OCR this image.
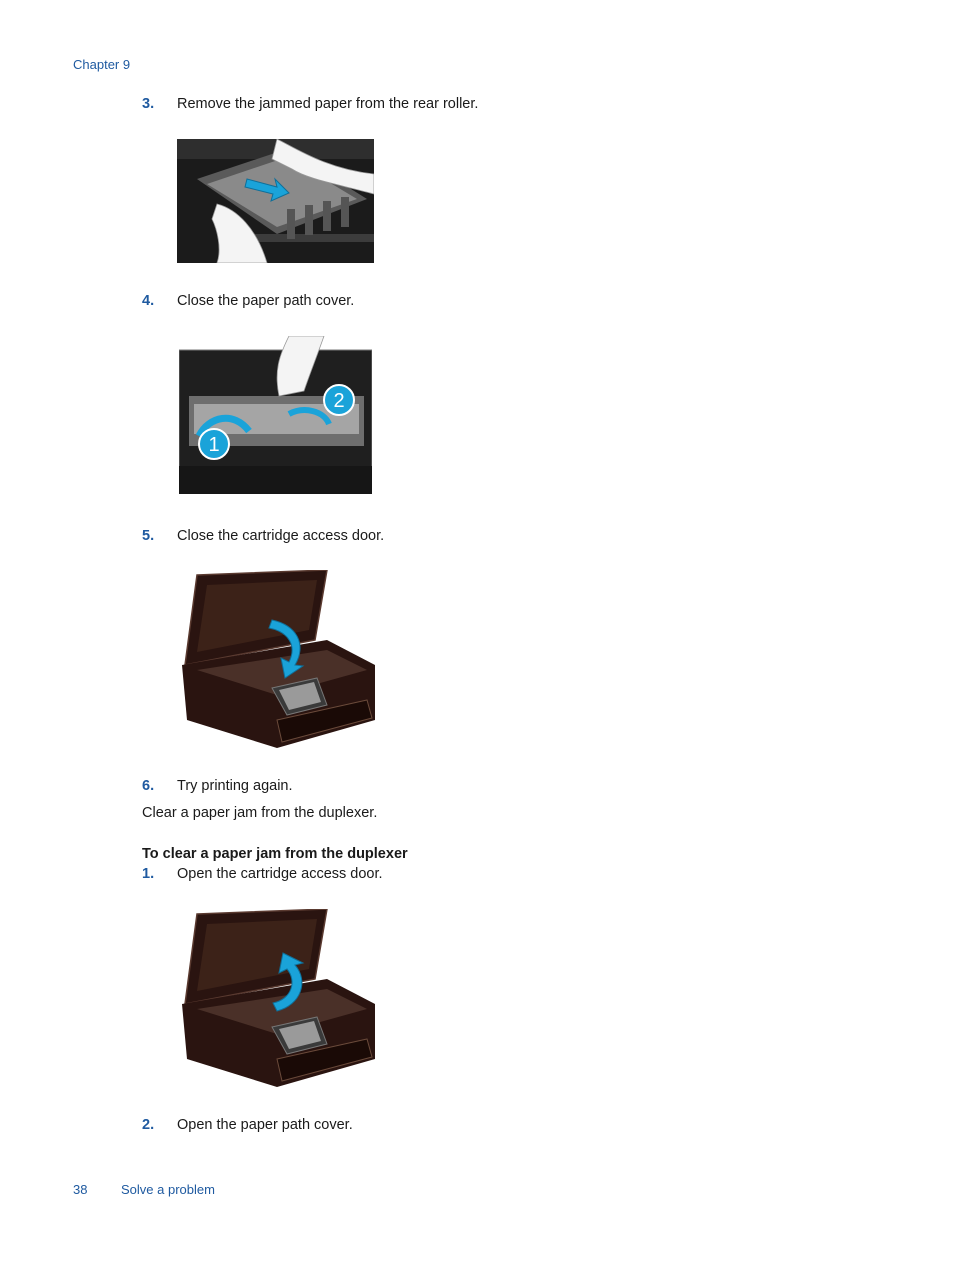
Chapter 9
3. Remove the jammed paper from the rear roller.
4. Close the paper path cover.
1
2
5. Close the cartridge access door.
6. Try printing again.
Clear a paper jam from the duplexer.
To clear a paper jam from the duplexer
1. Open the cartridge access door.
2. Open the paper path cover.
38	Solve a problem
